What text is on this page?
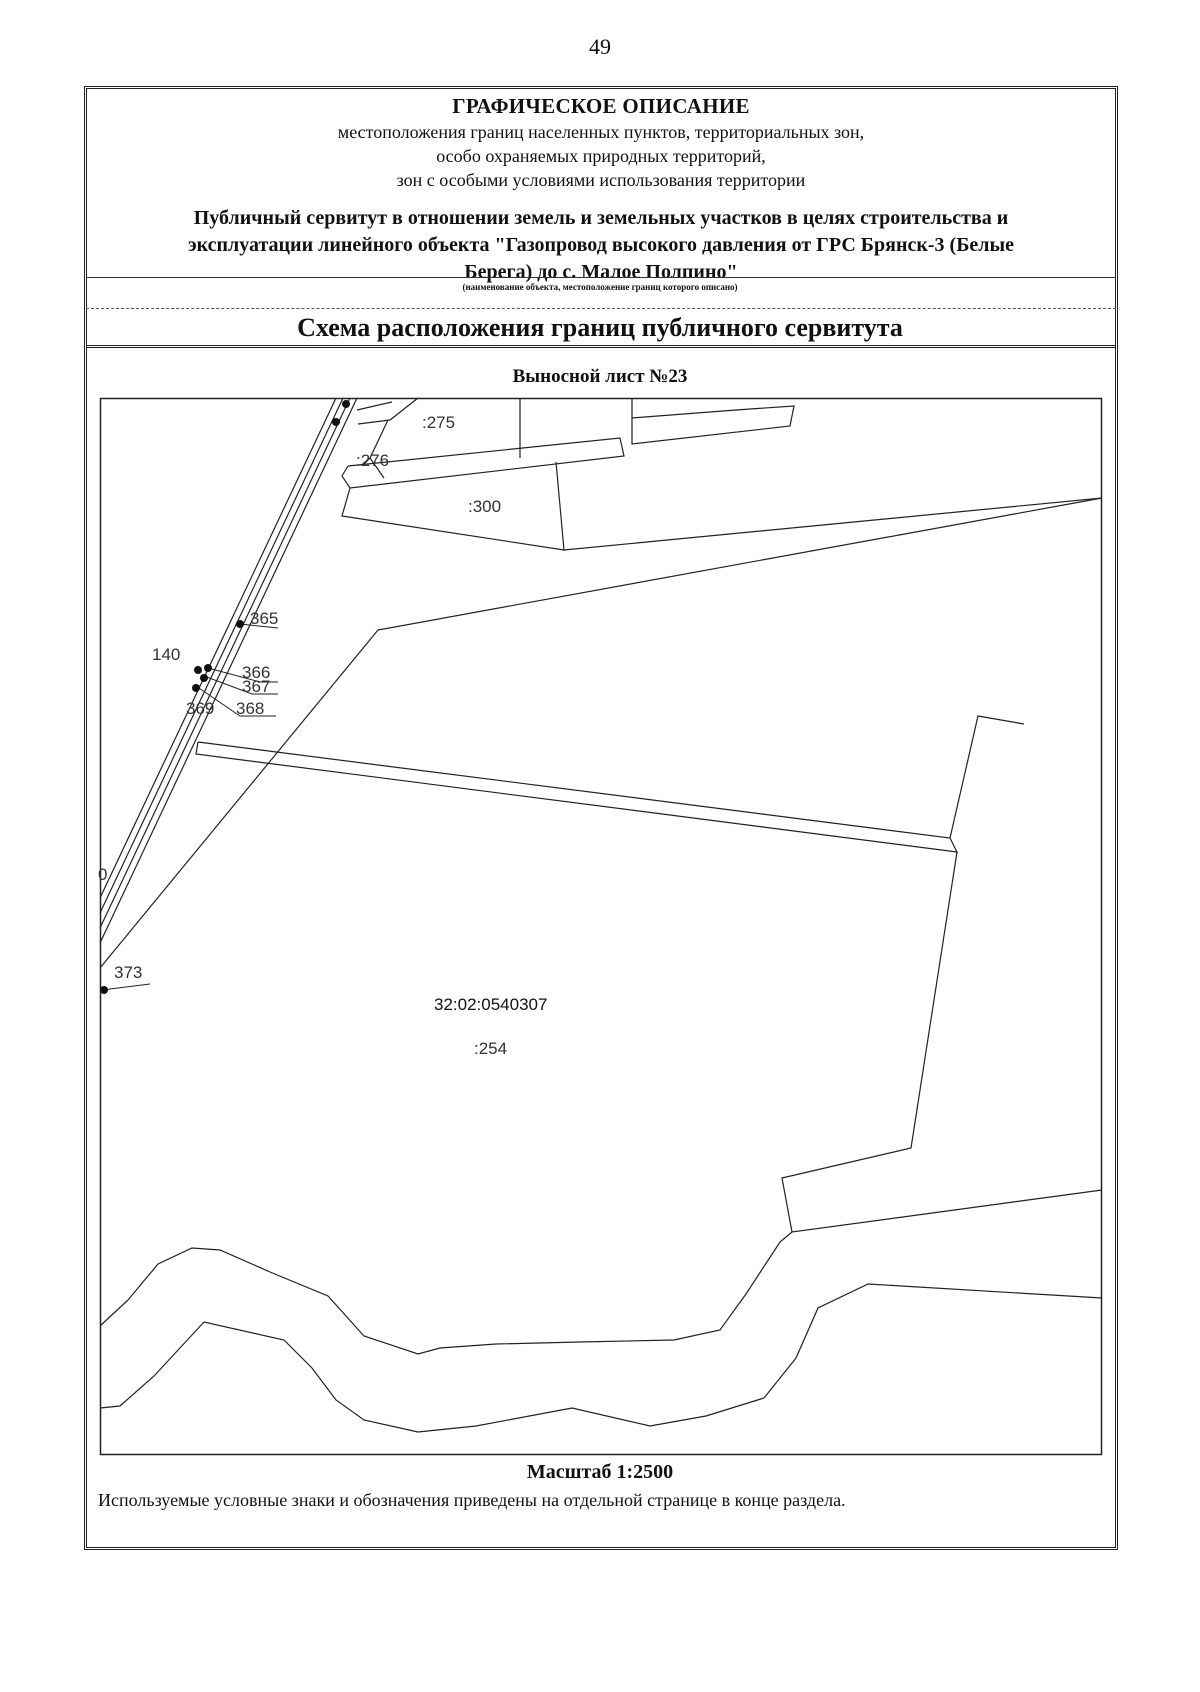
49
ГРАФИЧЕСКОЕ ОПИСАНИЕ
местоположения границ населенных пунктов, территориальных зон,
особо охраняемых природных территорий,
зон с особыми условиями использования территории
Публичный сервитут в отношении земель и земельных участков в целях строительства и
эксплуатации линейного объекта "Газопровод высокого давления от ГРС Брянск-3 (Белые
Берега) до с. Малое Полпино"
(наименование объекта, местоположение границ которого описано)
Схема расположения границ публичного сервитута
Выносной лист №23
:275
:276
:300
32:02:0540307
:254
365
140
366
367
369 368
373
0
Масштаб 1:2500
Используемые условные знаки и обозначения приведены на отдельной странице в конце раздела.
